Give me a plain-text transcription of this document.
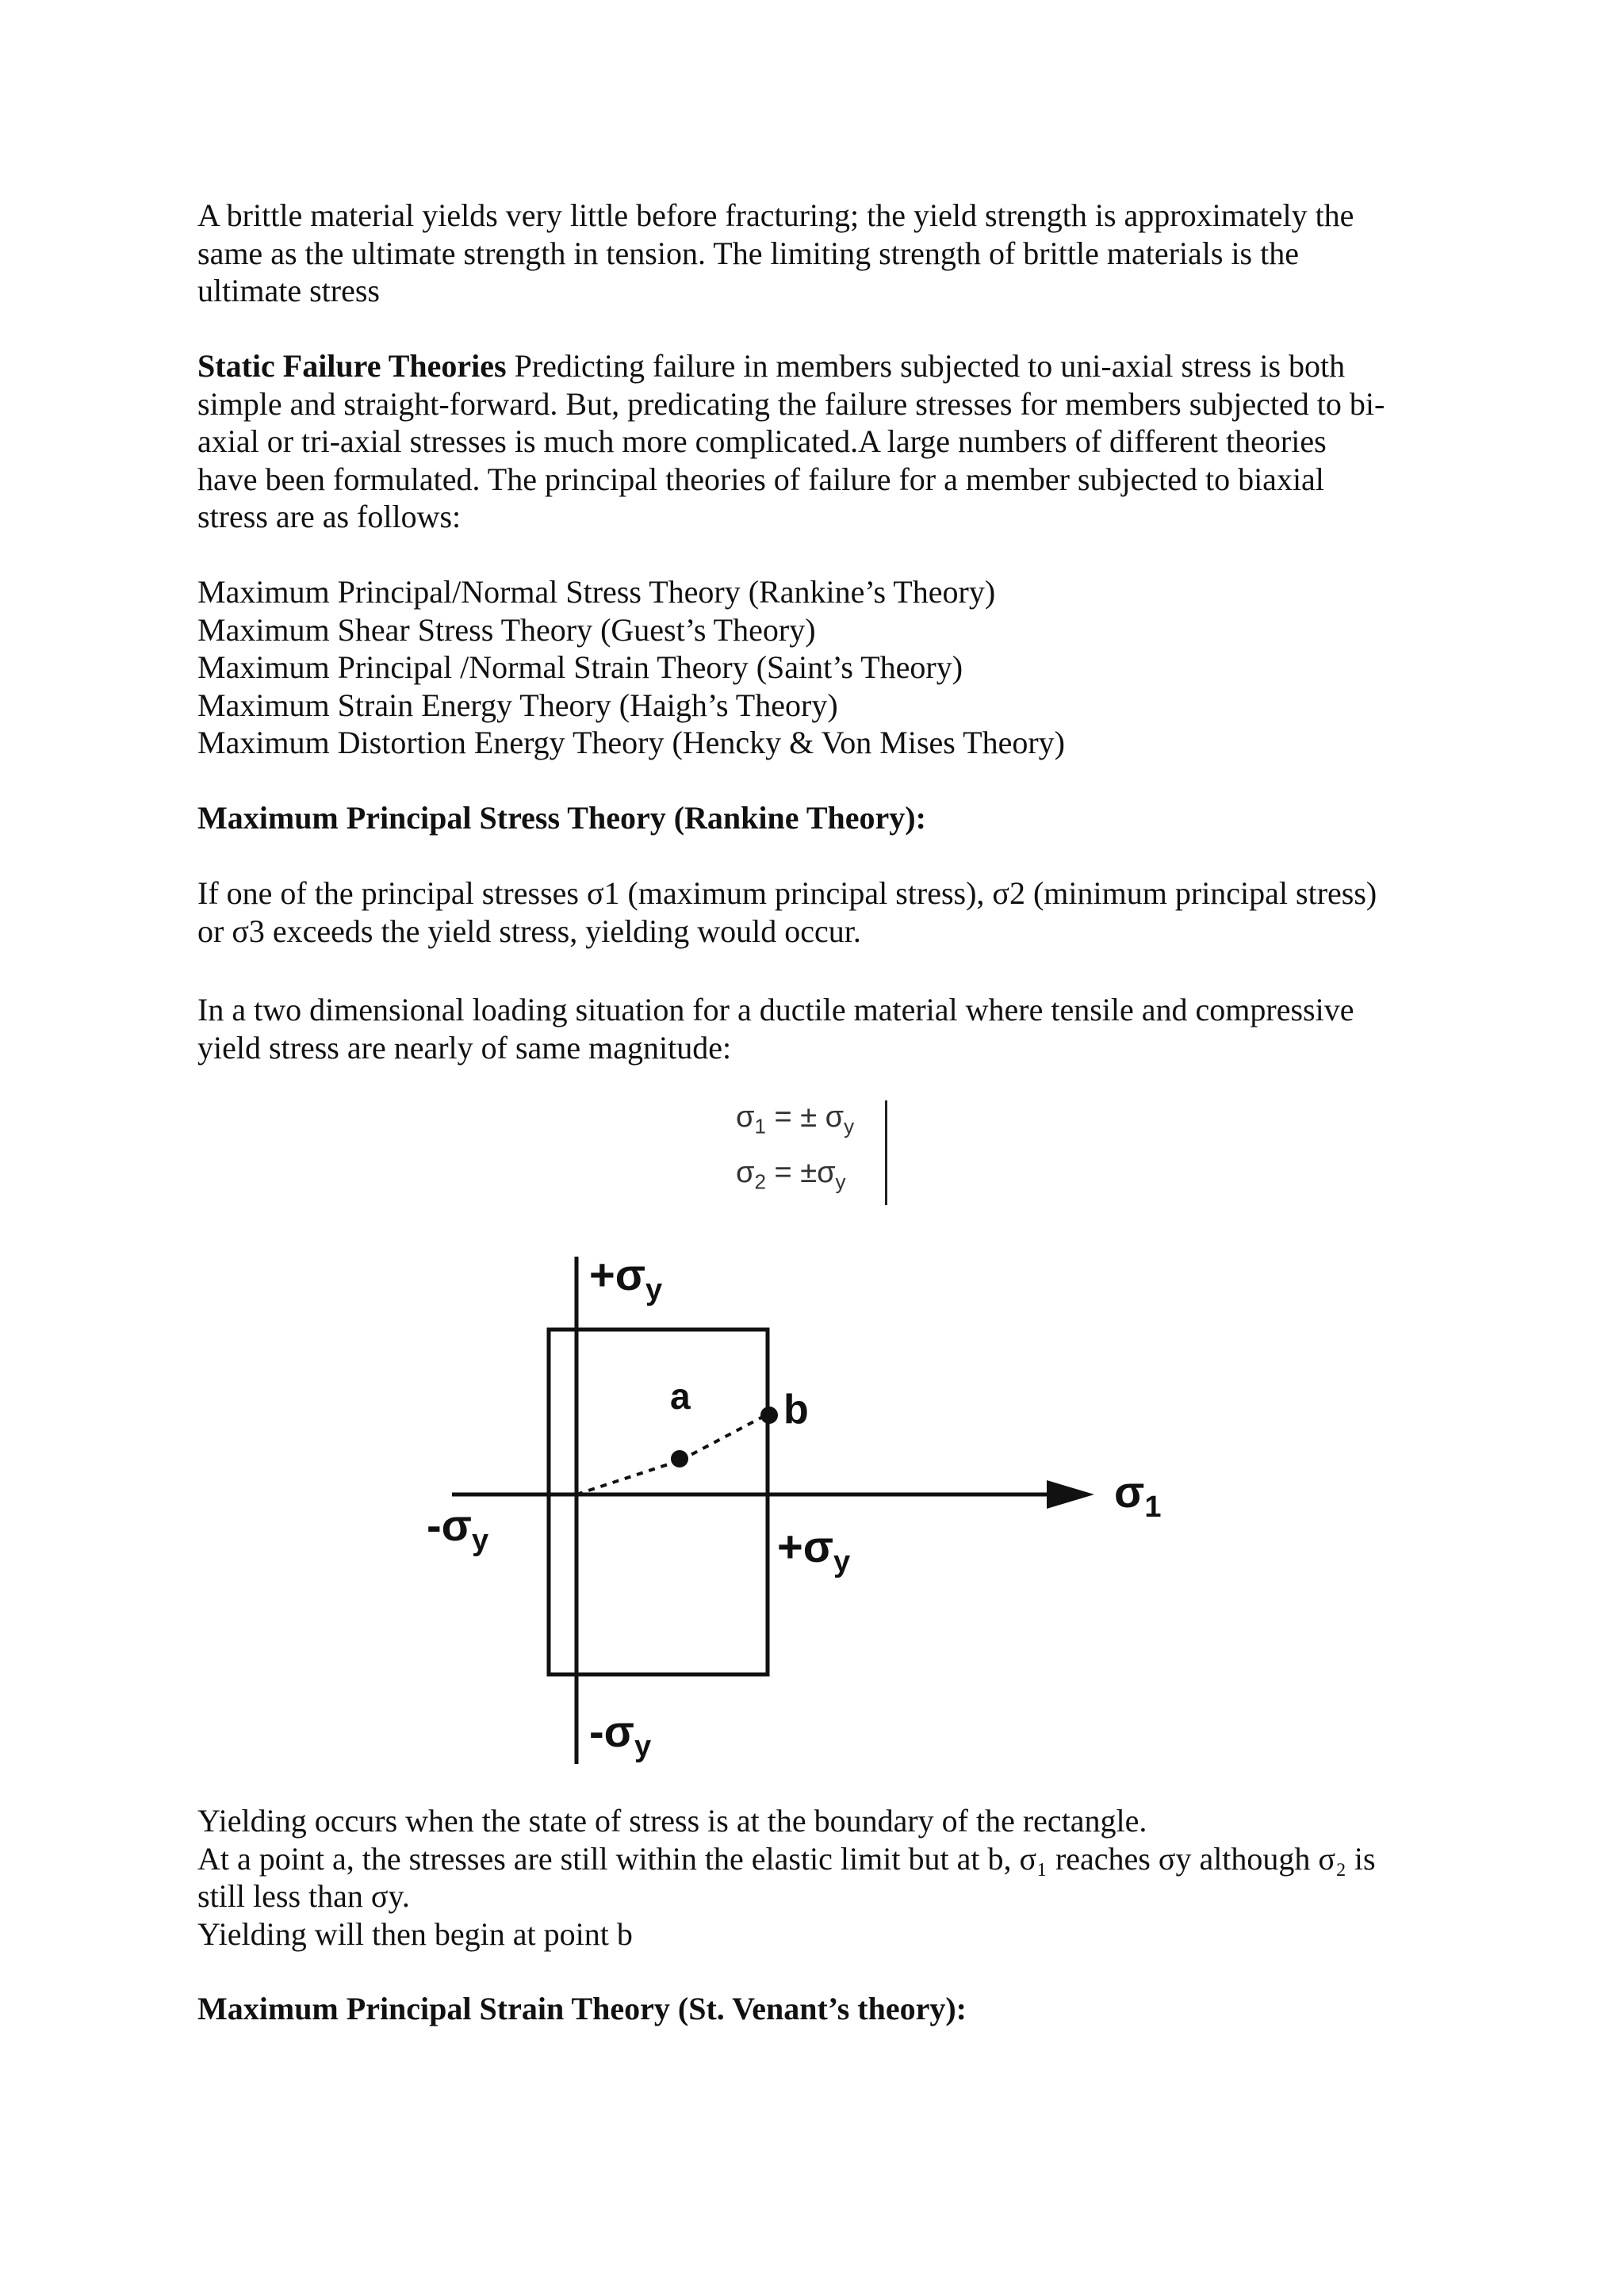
A brittle material yields very little before fracturing; the yield strength is approximately the
same as the ultimate strength in tension. The limiting strength of brittle materials is the
ultimate stress
Static Failure Theories Predicting failure in members subjected to uni-axial stress is both
simple and straight-forward. But, predicating the failure stresses for members subjected to bi-
axial or tri-axial stresses is much more complicated.A large numbers of different theories
have been formulated. The principal theories of failure for a member subjected to biaxial
stress are as follows:
Maximum Principal/Normal Stress Theory (Rankine’s Theory)
Maximum Shear Stress Theory (Guest’s Theory)
Maximum Principal /Normal Strain Theory (Saint’s Theory)
Maximum Strain Energy Theory (Haigh’s Theory)
Maximum Distortion Energy Theory (Hencky & Von Mises Theory)
Maximum Principal Stress Theory (Rankine Theory):
If one of the principal stresses σ1 (maximum principal stress), σ2 (minimum principal stress)
or σ3 exceeds the yield stress, yielding would occur.
In a two dimensional loading situation for a ductile material where tensile and compressive
yield stress are nearly of same magnitude:
$\sigma_1$ = ± $\sigma_y$
$\sigma_2 = \pm\sigma_y$
a b
$-\sigma_y$	$+\sigma_y$
$+\sigma_y$
$-\sigma_y$
$\sigma_1$
Yielding occurs when the state of stress is at the boundary of the rectangle.
At a point a, the stresses are still within the elastic limit but at b, σ₁ reaches σy although σ₂ is
still less than σy.
Yielding will then begin at point b
Maximum Principal Strain Theory (St. Venant’s theory):
